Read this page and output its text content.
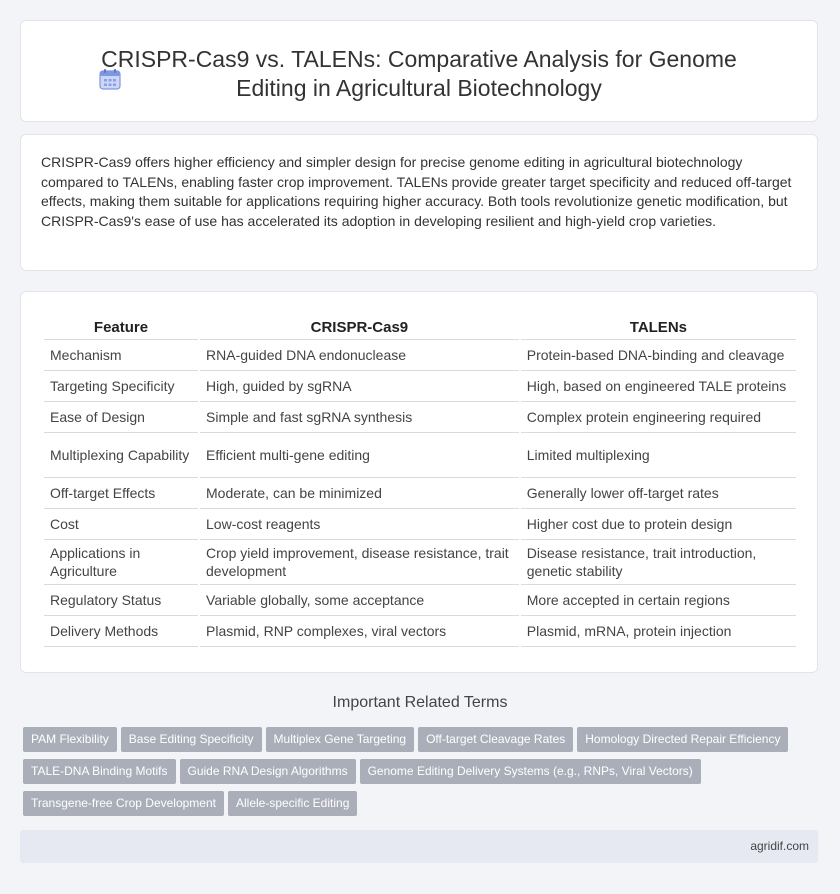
CRISPR-Cas9 vs. TALENs: Comparative Analysis for Genome Editing in Agricultural Biotechnology

CRISPR-Cas9 offers higher efficiency and simpler design for precise genome editing in agricultural biotechnology compared to TALENs, enabling faster crop improvement. TALENs provide greater target specificity and reduced off-target effects, making them suitable for applications requiring higher accuracy. Both tools revolutionize genetic modification, but CRISPR-Cas9's ease of use has accelerated its adoption in developing resilient and high-yield crop varieties.

Feature	CRISPR-Cas9	TALENs
Mechanism	RNA-guided DNA endonuclease	Protein-based DNA-binding and cleavage
Targeting Specificity	High, guided by sgRNA	High, based on engineered TALE proteins
Ease of Design	Simple and fast sgRNA synthesis	Complex protein engineering required
Multiplexing Capability	Efficient multi-gene editing	Limited multiplexing
Off-target Effects	Moderate, can be minimized	Generally lower off-target rates
Cost	Low-cost reagents	Higher cost due to protein design
Applications in Agriculture	Crop yield improvement, disease resistance, trait development	Disease resistance, trait introduction, genetic stability
Regulatory Status	Variable globally, some acceptance	More accepted in certain regions
Delivery Methods	Plasmid, RNP complexes, viral vectors	Plasmid, mRNA, protein injection
Important Related Terms
PAM Flexibility Base Editing Specificity Multiplex Gene Targeting Off-target Cleavage Rates Homology Directed Repair Efficiency
TALE-DNA Binding Motifs Guide RNA Design Algorithms Genome Editing Delivery Systems (e.g., RNPs, Viral Vectors)
Transgene-free Crop Development Allele-specific Editing
agridif.com
